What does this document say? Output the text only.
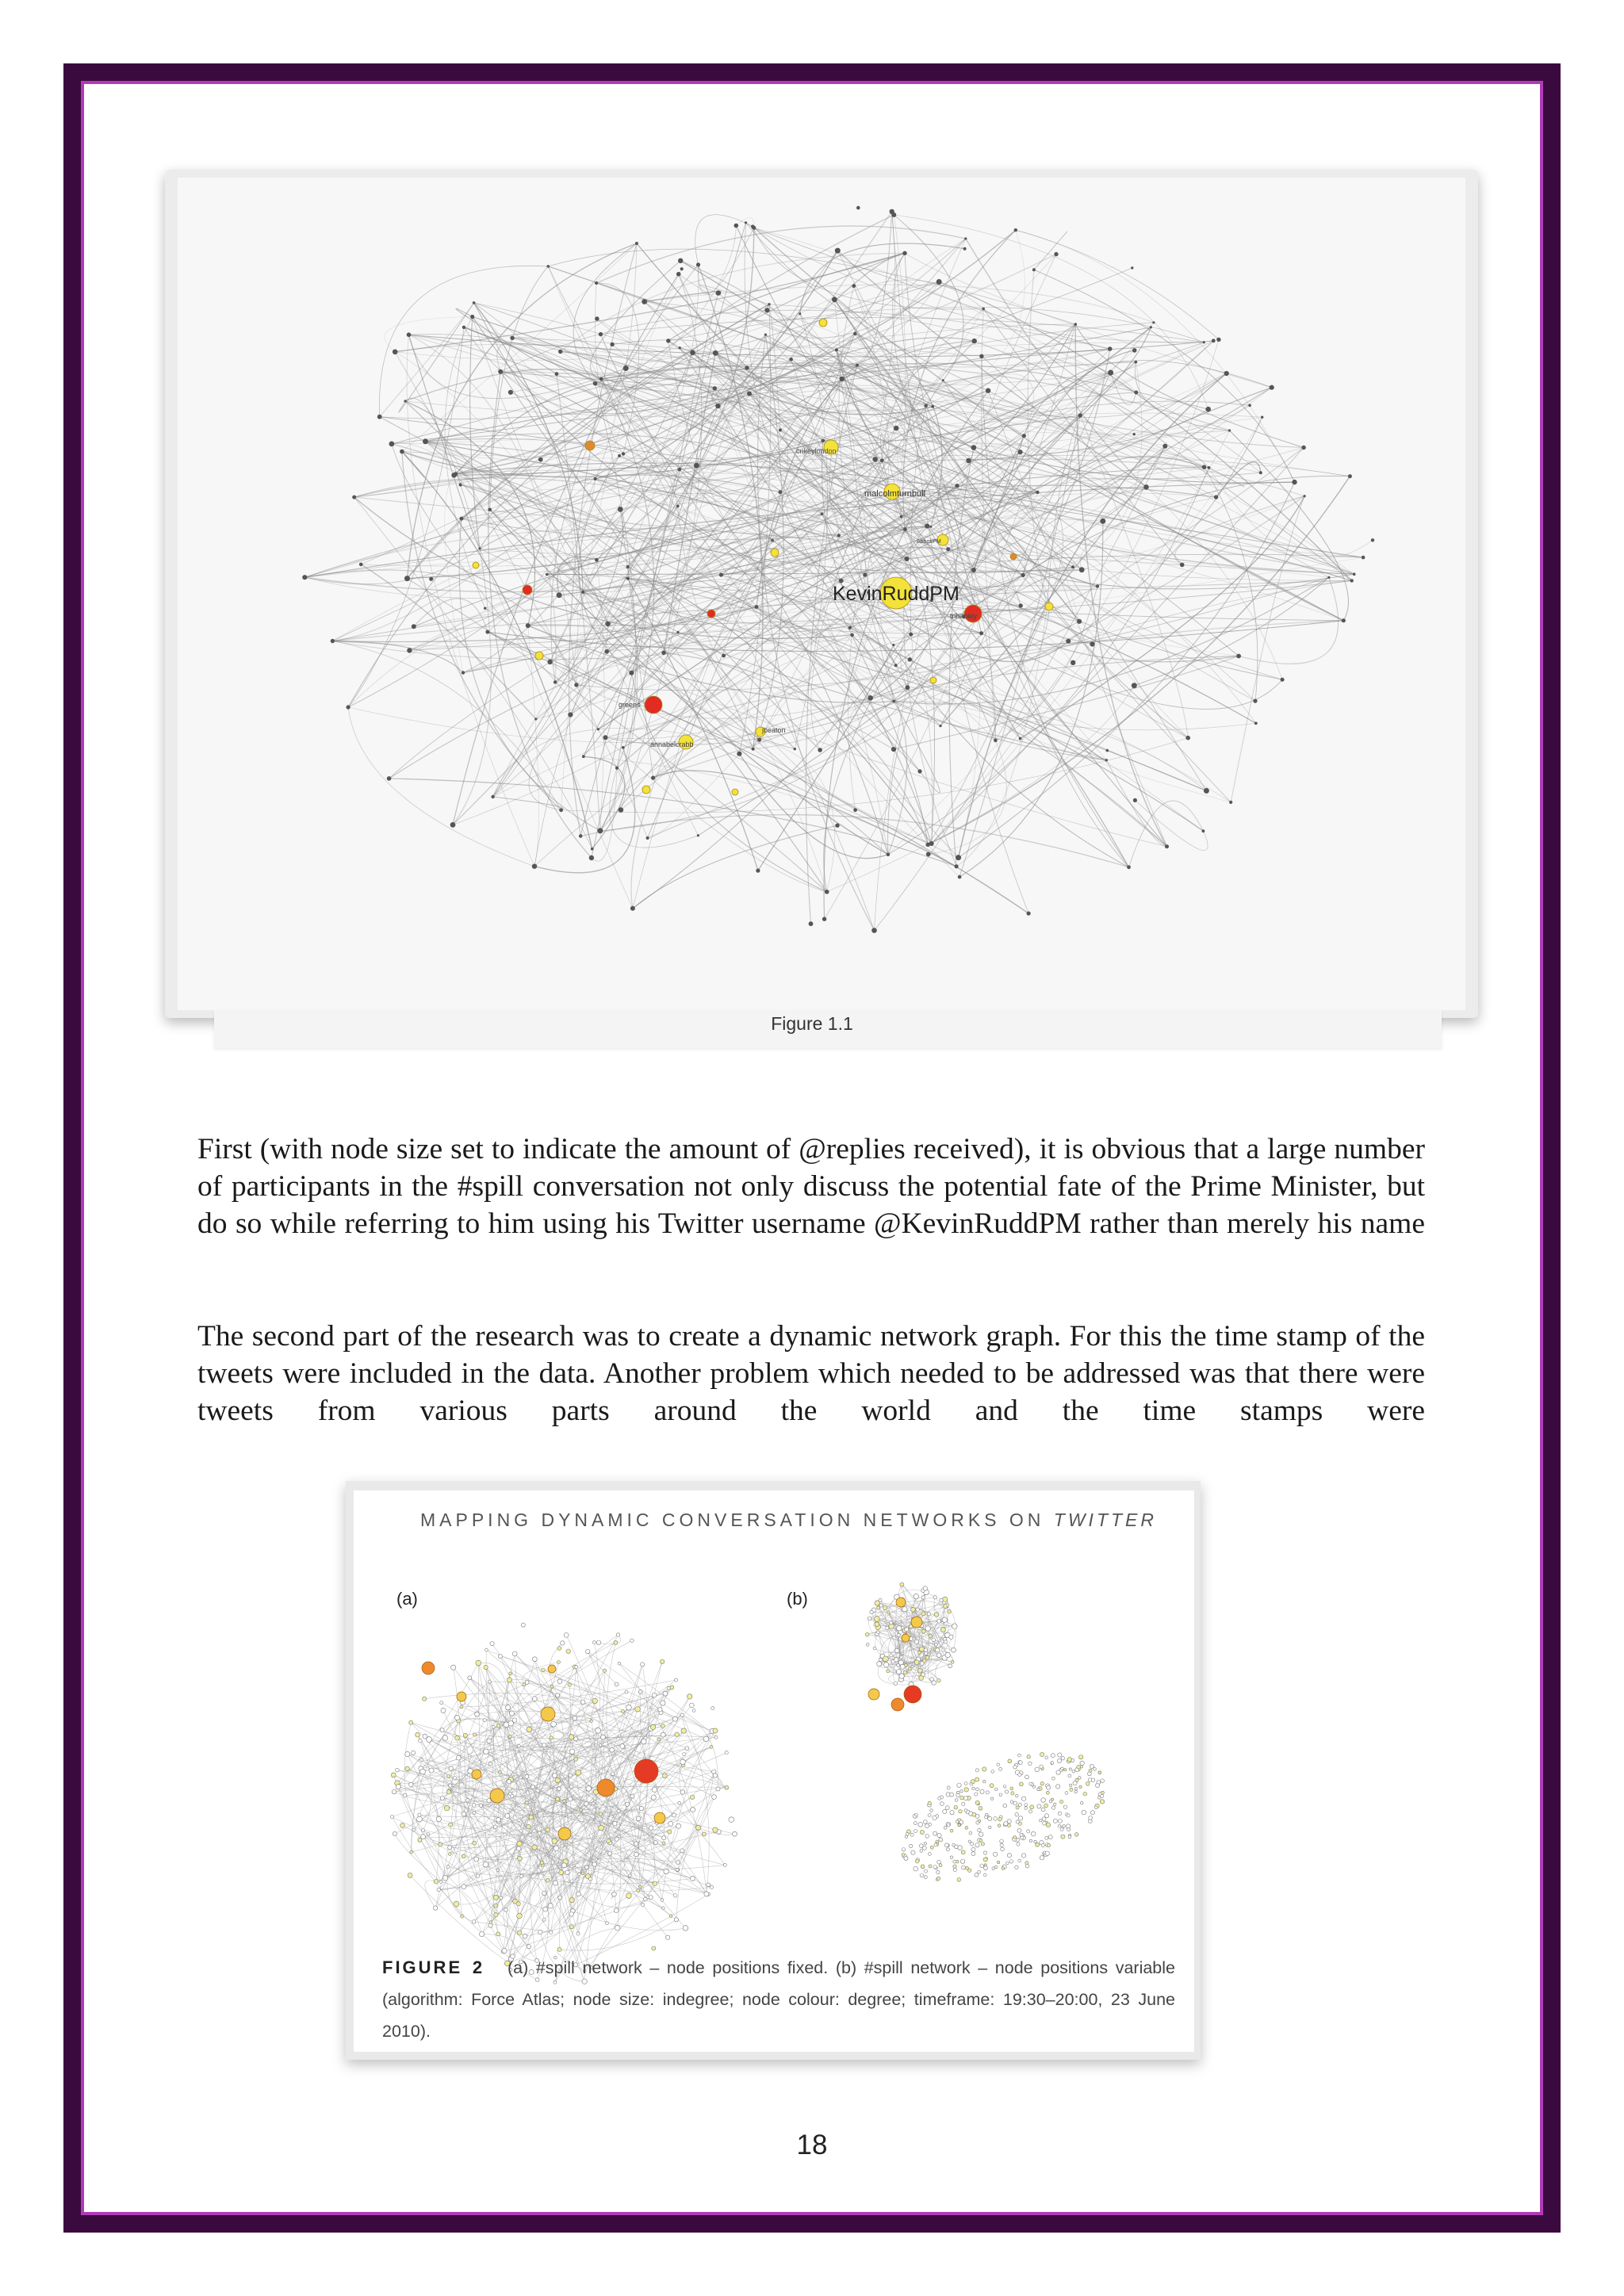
KevinRuddPM
malcolmturnbull
crikeylondon
AbbottPM
trihanley
greens
annabelcrabb
jbeaton
Figure 1.1
First (with node size set to indicate the amount of @replies received), it is obvious that a large number of participants in the #spill conversation not only discuss the potential fate of the Prime Minister, but do so while referring to him using his Twitter username @KevinRuddPM rather than merely his name
The second part of the research was to create a dynamic network graph. For this the time stamp of the tweets were included in the data. Another problem which needed to be addressed was that there were tweets from various parts around the world and the time stamps were
MAPPING DYNAMIC CONVERSATION NETWORKS ON TWITTER
(a)	(b)
FIGURE 2 (a) #spill network – node positions fixed. (b) #spill network – node positions variable (algorithm: Force Atlas; node size: indegree; node colour: degree; timeframe: 19:30–20:00, 23 June 2010).
18
